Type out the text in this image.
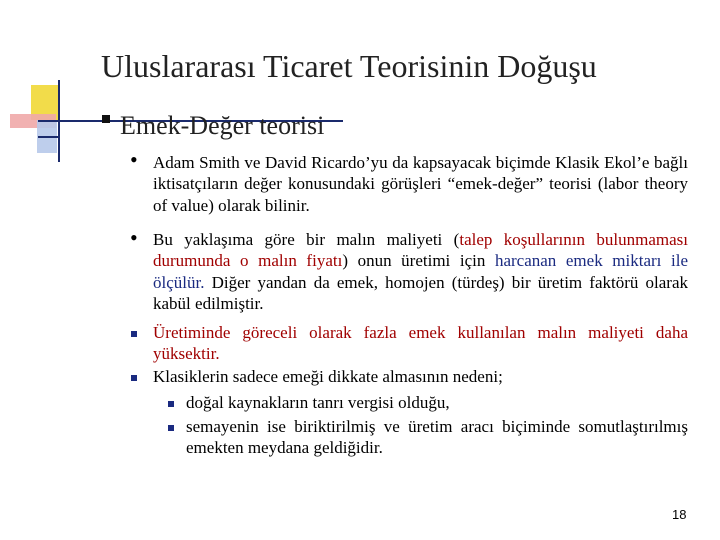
Uluslararası Ticaret Teorisinin Doğuşu
Emek-Değer teorisi
• Adam Smith ve David Ricardo’yu da kapsayacak biçimde Klasik Ekol’e bağlı iktisatçıların değer konusundaki görüşleri “emek-değer” teorisi (labor theory of value) olarak bilinir.
• Bu yaklaşıma göre bir malın maliyeti (talep koşullarının bulunmaması durumunda o malın fiyatı) onun üretimi için harcanan emek miktarı ile ölçülür. Diğer yandan da emek, homojen (türdeş) bir üretim faktörü olarak kabül edilmiştir.
Üretiminde göreceli olarak fazla emek kullanılan malın maliyeti daha yüksektir.
Klasiklerin sadece emeği dikkate almasının nedeni;
doğal kaynakların tanrı vergisi olduğu,
semayenin ise biriktirilmiş ve üretim aracı biçiminde somutlaştırılmış emekten meydana geldiğidir.
18
